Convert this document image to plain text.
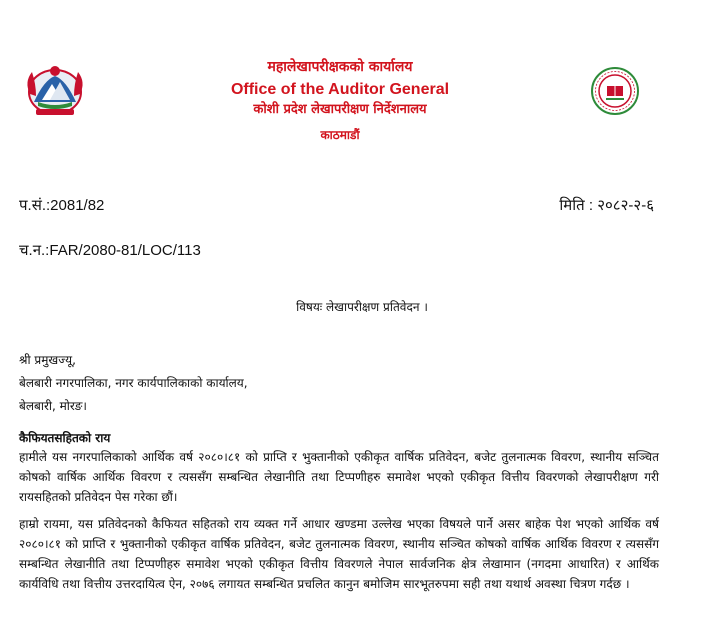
महालेखापरीक्षकको कार्यालय
Office of the Auditor General
कोशी प्रदेश लेखापरीक्षण निर्देशनालय
काठमाडौं
प.सं.:2081/82	मिति : २०८२-२-६
च.न.:FAR/2080-81/LOC/113
विषयः लेखापरीक्षण प्रतिवेदन ।
श्री प्रमुखज्यू,
बेलबारी नगरपालिका, नगर कार्यपालिकाको कार्यालय,
बेलबारी, मोरङ।
कैफियतसहितको राय
हामीले यस नगरपालिकाको आर्थिक वर्ष २०८०।८१ को प्राप्ति र भुक्तानीको एकीकृत वार्षिक प्रतिवेदन, बजेट तुलनात्मक विवरण, स्थानीय सञ्चित कोषको वार्षिक आर्थिक विवरण र त्यससँग सम्बन्धित लेखानीति तथा टिप्पणीहरु समावेश भएको एकीकृत वित्तीय विवरणको लेखापरीक्षण गरी रायसहितको प्रतिवेदन पेस गरेका छौं।
हाम्रो रायमा, यस प्रतिवेदनको कैफियत सहितको राय व्यक्त गर्ने आधार खण्डमा उल्लेख भएका विषयले पार्ने असर बाहेक पेश भएको आर्थिक वर्ष २०८०।८१ को प्राप्ति र भुक्तानीको एकीकृत वार्षिक प्रतिवेदन, बजेट तुलनात्मक विवरण, स्थानीय सञ्चित कोषको वार्षिक आर्थिक विवरण र त्यससँग सम्बन्धित लेखानीति तथा टिप्पणीहरु समावेश भएको एकीकृत वित्तीय विवरणले नेपाल सार्वजनिक क्षेत्र लेखामान (नगदमा आधारित) र आर्थिक कार्यविधि तथा वित्तीय उत्तरदायित्व ऐन, २०७६ लगायत सम्बन्धित प्रचलित कानुन बमोजिम सारभूतरुपमा सही तथा यथार्थ अवस्था चित्रण गर्दछ ।
